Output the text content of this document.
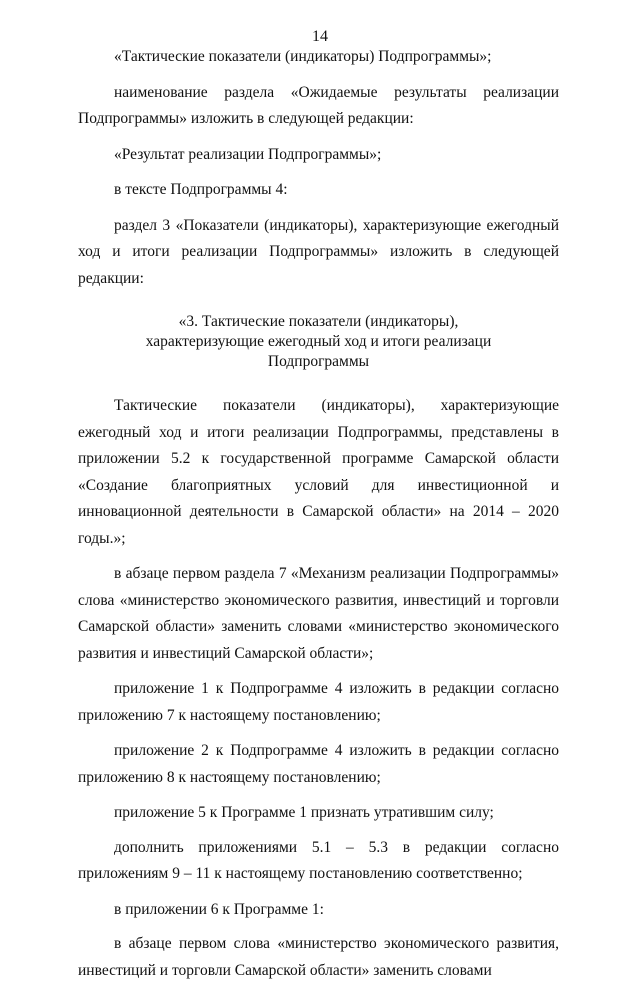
14

«Тактические показатели (индикаторы) Подпрограммы»;

наименование раздела «Ожидаемые результаты реализации Подпрограммы» изложить в следующей редакции:

«Результат реализации Подпрограммы»;

в тексте Подпрограммы 4:

раздел 3 «Показатели (индикаторы), характеризующие ежегодный ход и итоги реализации Подпрограммы» изложить в следующей редакции:

«3. Тактические показатели (индикаторы),
характеризующие ежегодный ход и итоги реализаци
Подпрограммы

Тактические показатели (индикаторы), характеризующие ежегодный ход и итоги реализации Подпрограммы, представлены в приложении 5.2 к государственной программе Самарской области «Создание благоприятных условий для инвестиционной и инновационной деятельности в Самарской области» на 2014 – 2020 годы.»;

в абзаце первом раздела 7 «Механизм реализации Подпрограммы» слова «министерство экономического развития, инвестиций и торговли Самарской области» заменить словами «министерство экономического развития и инвестиций Самарской области»;

приложение 1 к Подпрограмме 4 изложить в редакции согласно приложению 7 к настоящему постановлению;

приложение 2 к Подпрограмме 4 изложить в редакции согласно приложению 8 к настоящему постановлению;

приложение 5 к Программе 1 признать утратившим силу;

дополнить приложениями 5.1 – 5.3 в редакции согласно приложениям 9 – 11 к настоящему постановлению соответственно;

в приложении 6 к Программе 1:

в абзаце первом слова «министерство экономического развития, инвестиций и торговли Самарской области» заменить словами
